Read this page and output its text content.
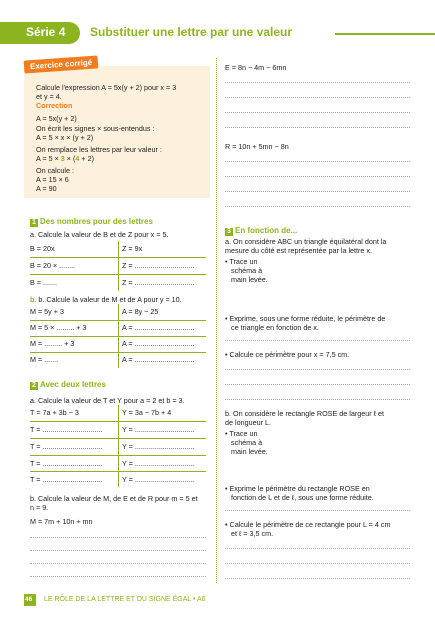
Série 4 Substituer une lettre par une valeur
Exercice corrigé
Calcule l'expression A = 5x(y + 2) pour x = 3
et y = 4.
Correction
A = 5x(y + 2)
On écrit les signes × sous-entendus :
A = 5 × x × (y + 2)
On remplace les lettres par leur valeur :
A = 5 × 3 × (4 + 2)
On calcule :
A = 15 × 6
A = 90
1 Des nombres pour des lettres
a. Calcule la valeur de B et de Z pour x = 5.
B = 20x	Z = 9x
B = 20 × ........	Z = ..............................
B = .......	Z = ..............................
b. b. Calcule la valeur de M et de A pour y = 10.
M = 5y + 3	A = 8y − 25
M = 5 × ......... + 3	A = ..............................
M = ......... + 3	A = ..............................
M = .......	A = ..............................
2 Avec deux lettres
a. Calcule la valeur de T et Y pour a = 2 et b = 3.
T = 7a + 3b − 3	Y = 3a − 7b + 4
T = ..............................	Y = ..............................
T = ..............................	Y = ..............................
T = ..............................	Y = ..............................
T = ..............................	Y = ..............................
b. Calcule la valeur de M, de E et de R pour m = 5 et
n = 9.
M = 7m + 10n + mn
E = 8n − 4m − 6mn
R = 10n + 5mn − 8n
3 En fonction de...
a. On considère ABC un triangle équilatéral dont la
mesure du côté est représentée par la lettre x.
• Trace un
schéma à
main levée.
• Exprime, sous une forme réduite, le périmètre de
ce triangle en fonction de x.
• Calcule ce périmètre pour x = 7,5 cm.
b. On considère le rectangle ROSE de largeur ℓ et
de longueur L.
• Trace un
schéma à
main levée.
• Exprime le périmètre du rectangle ROSE en
fonction de L et de ℓ, sous une forme réduite.
• Calcule le périmètre de ce rectangle pour L = 4 cm
et ℓ = 3,5 cm.
46 LE RÔLE DE LA LETTRE ET DU SIGNE ÉGAL • A6
